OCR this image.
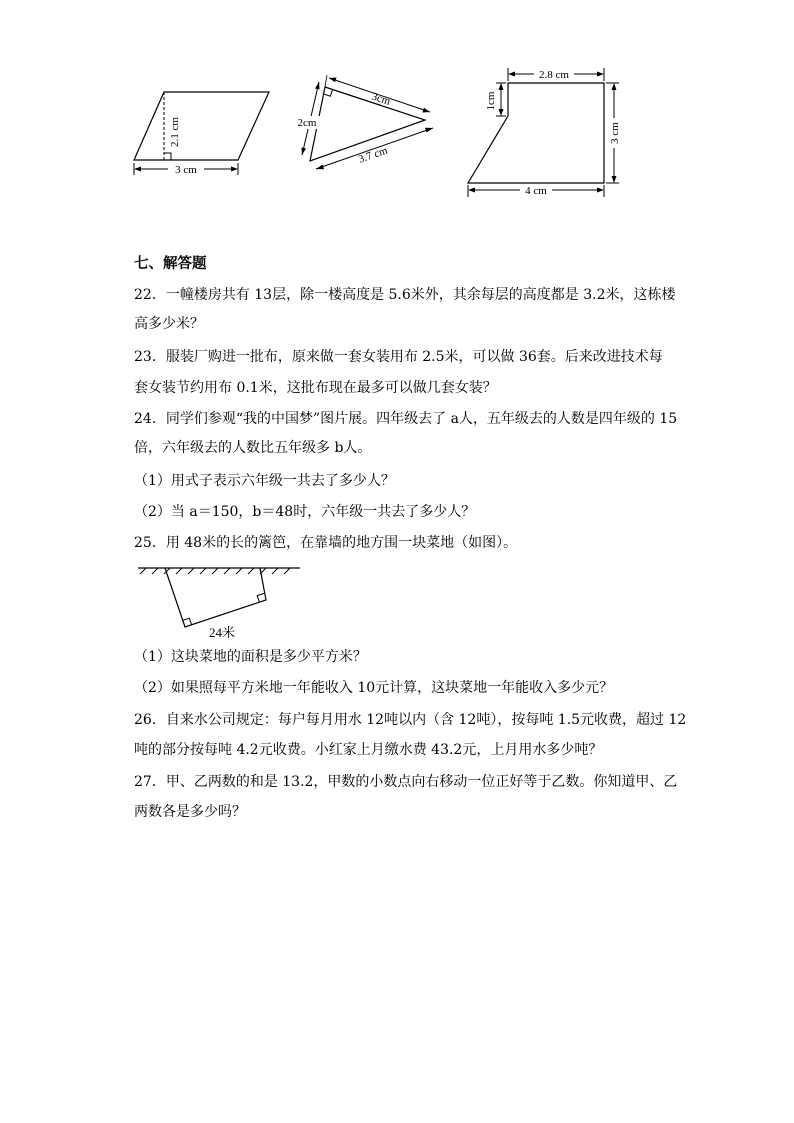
2.1 cm
3 cm
3cm
2cm
3.7 cm
2.8 cm
1cm
3 cm
4 cm
七、解答题
22．一幢楼房共有 13层，除一楼高度是 5.6米外，其余每层的高度都是 3.2米，这栋楼
高多少米？
23．服装厂购进一批布，原来做一套女装用布 2.5米，可以做 36套。后来改进技术每
套女装节约用布 0.1米，这批布现在最多可以做几套女装？
24．同学们参观“我的中国梦”图片展。四年级去了 a人，五年级去的人数是四年级的 15
倍，六年级去的人数比五年级多 b人。
（1）用式子表示六年级一共去了多少人？
（2）当 a＝150，b＝48时，六年级一共去了多少人？
25．用 48米的长的篱笆，在靠墙的地方围一块菜地（如图）。
24米
（1）这块菜地的面积是多少平方米？
（2）如果照每平方米地一年能收入 10元计算，这块菜地一年能收入多少元？
26．自来水公司规定：每户每月用水 12吨以内（含 12吨），按每吨 1.5元收费，超过 12
吨的部分按每吨 4.2元收费。小红家上月缴水费 43.2元，上月用水多少吨？
27．甲、乙两数的和是 13.2，甲数的小数点向右移动一位正好等于乙数。你知道甲、乙
两数各是多少吗？
